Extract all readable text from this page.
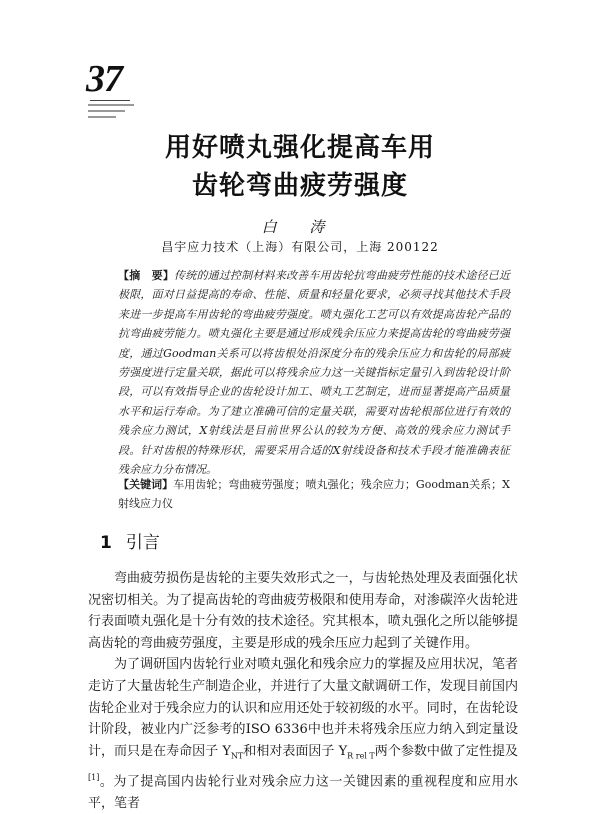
37
用好喷丸强化提高车用
齿轮弯曲疲劳强度
白 涛
昌宇应力技术（上海）有限公司，上海 200122
【摘　要】传统的通过控制材料来改善车用齿轮抗弯曲疲劳性能的技术途径已近极限，面对日益提高的寿命、性能、质量和轻量化要求，必须寻找其他技术手段来进一步提高车用齿轮的弯曲疲劳强度。喷丸强化工艺可以有效提高齿轮产品的抗弯曲疲劳能力。喷丸强化主要是通过形成残余压应力来提高齿轮的弯曲疲劳强度，通过Goodman关系可以将齿根处沿深度分布的残余压应力和齿轮的局部疲劳强度进行定量关联，据此可以将残余应力这一关键指标定量引入到齿轮设计阶段，可以有效指导企业的齿轮设计加工、喷丸工艺制定，进而显著提高产品质量水平和运行寿命。为了建立准确可信的定量关联，需要对齿轮根部位进行有效的残余应力测试，X射线法是目前世界公认的较为方便、高效的残余应力测试手段。针对齿根的特殊形状，需要采用合适的X射线设备和技术手段才能准确表征残余应力分布情况。
【关键词】车用齿轮；弯曲疲劳强度；喷丸强化；残余应力；Goodman关系；X射线应力仪
1 引言

弯曲疲劳损伤是齿轮的主要失效形式之一，与齿轮热处理及表面强化状况密切相关。为了提高齿轮的弯曲疲劳极限和使用寿命，对渗碳淬火齿轮进行表面喷丸强化是十分有效的技术途径。究其根本，喷丸强化之所以能够提高齿轮的弯曲疲劳强度，主要是形成的残余压应力起到了关键作用。

为了调研国内齿轮行业对喷丸强化和残余应力的掌握及应用状况，笔者走访了大量齿轮生产制造企业，并进行了大量文献调研工作，发现目前国内齿轮企业对于残余应力的认识和应用还处于较初级的水平。同时，在齿轮设计阶段，被业内广泛参考的ISO 6336中也并未将残余压应力纳入到定量设计，而只是在寿命因子 $Y_{NT}$和相对表面因子 $Y_{R rel T}$两个参数中做了定性提及[1]。为了提高国内齿轮行业对残余应力这一关键因素的重视程度和应用水平，笔者
